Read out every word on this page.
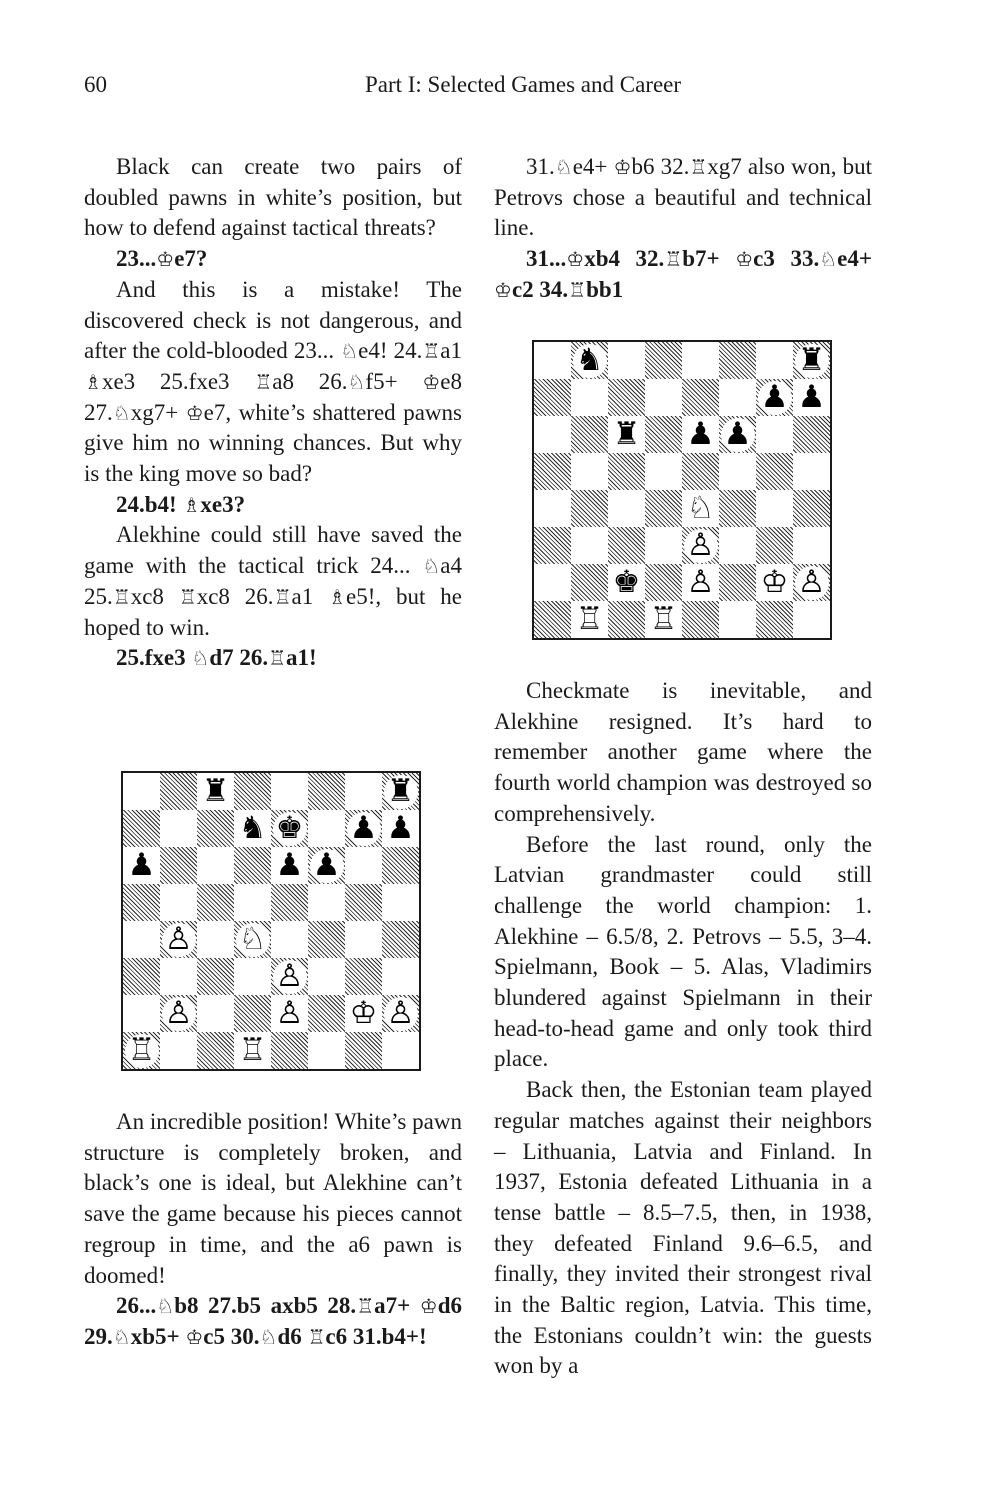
60	Part I: Selected Games and Career

Black can create two pairs of doubled pawns in white’s position, but how to defend against tactical threats?

23...♔e7?

And this is a mistake! The discovered check is not dangerous, and after the cold-blooded 23... ♘e4! 24.♖a1 ♗xe3 25.fxe3 ♖a8 26.♘f5+ ♔e8 27.♘xg7+ ♔e7, white’s shattered pawns give him no winning chances. But why is the king move so bad?

24.b4! ♗xe3?

Alekhine could still have saved the game with the tactical trick 24... ♘a4 25.♖xc8 ♖xc8 26.♖a1 ♗e5!, but he hoped to win.

25.fxe3 ♘d7 26.♖a1!

♜	♜
♞ ♚ ♟ ♟
♟	♟ ♟
♙ ♘
♙
♙	♙ ♔ ♙
♖	♖

An incredible position! White’s pawn structure is completely broken, and black’s one is ideal, but Alekhine can’t save the game because his pieces cannot regroup in time, and the a6 pawn is doomed!

26...♘b8 27.b5 axb5 28.♖a7+ ♔d6 29.♘xb5+ ♔c5 30.♘d6 ♖c6 31.b4+!

31.♘e4+ ♔b6 32.♖xg7 also won, but Petrovs chose a beautiful and technical line.

31...♔xb4 32.♖b7+ ♔c3 33.♘e4+ ♔c2 34.♖bb1

♞	♜
♟ ♟
♜ ♟ ♟
♘
♙
♚ ♙ ♔ ♙
♖ ♖

Checkmate is inevitable, and Alekhine resigned. It’s hard to remember another game where the fourth world champion was destroyed so comprehensively.

Before the last round, only the Latvian grandmaster could still challenge the world champion: 1. Alekhine – 6.5/8, 2. Petrovs – 5.5, 3–4. Spielmann, Book – 5. Alas, Vladimirs blundered against Spielmann in their head-to-head game and only took third place.

Back then, the Estonian team played regular matches against their neighbors – Lithuania, Latvia and Finland. In 1937, Estonia defeated Lithuania in a tense battle – 8.5–7.5, then, in 1938, they defeated Finland 9.6–6.5, and finally, they invited their strongest rival in the Baltic region, Latvia. This time, the Estonians couldn’t win: the guests won by a
